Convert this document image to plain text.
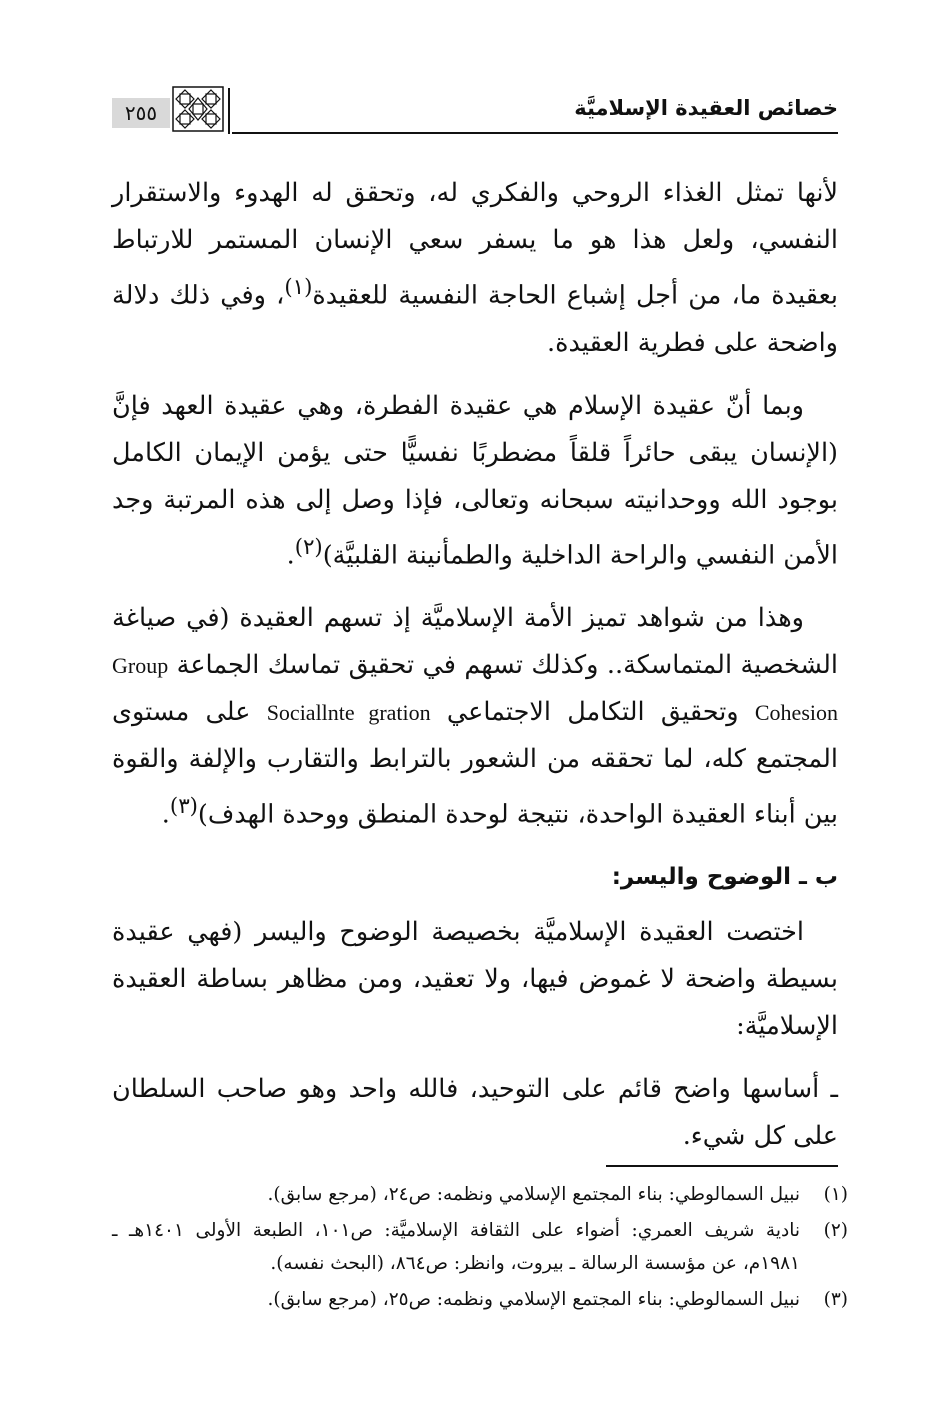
٢٥٥	خصائص العقيدة الإسلاميَّة

لأنها تمثل الغذاء الروحي والفكري له، وتحقق له الهدوء والاستقرار النفسي، ولعل هذا هو ما يسفر سعي الإنسان المستمر للارتباط بعقيدة ما، من أجل إشباع الحاجة النفسية للعقيدة$^{(١)}$، وفي ذلك دلالة واضحة على فطرية العقيدة.

وبما أنّ عقيدة الإسلام هي عقيدة الفطرة، وهي عقيدة العهد فإنَّ (الإنسان يبقى حائراً قلقاً مضطربًا نفسيًّا حتى يؤمن الإيمان الكامل بوجود الله ووحدانيته سبحانه وتعالى، فإذا وصل إلى هذه المرتبة وجد الأمن النفسي والراحة الداخلية والطمأنينة القلبيَّة)$^{(٢)}$.

وهذا من شواهد تميز الأمة الإسلاميَّة إذ تسهم العقيدة (في صياغة الشخصية المتماسكة.. وكذلك تسهم في تحقيق تماسك الجماعة Group Cohesion وتحقيق التكامل الاجتماعي Sociallnte gration على مستوى المجتمع كله، لما تحققه من الشعور بالترابط والتقارب والإلفة والقوة بين أبناء العقيدة الواحدة، نتيجة لوحدة المنطق ووحدة الهدف)$^{(٣)}$.

ب ـ الوضوح واليسر:

اختصت العقيدة الإسلاميَّة بخصيصة الوضوح واليسر (فهي عقيدة بسيطة واضحة لا غموض فيها، ولا تعقيد، ومن مظاهر بساطة العقيدة الإسلاميَّة:

ـ أساسها واضح قائم على التوحيد، فالله واحد وهو صاحب السلطان على كل شيء.

(١)
نبيل السمالوطي: بناء المجتمع الإسلامي ونظمه: ص٢٤، (مرجع سابق).
(٢)
نادية شريف العمري: أضواء على الثقافة الإسلاميَّة: ص١٠١، الطبعة الأولى ١٤٠١هـ ـ ١٩٨١م، عن مؤسسة الرسالة ـ بيروت، وانظر: ص٨٦٤، (البحث نفسه).
(٣)
نبيل السمالوطي: بناء المجتمع الإسلامي ونظمه: ص٢٥، (مرجع سابق).
